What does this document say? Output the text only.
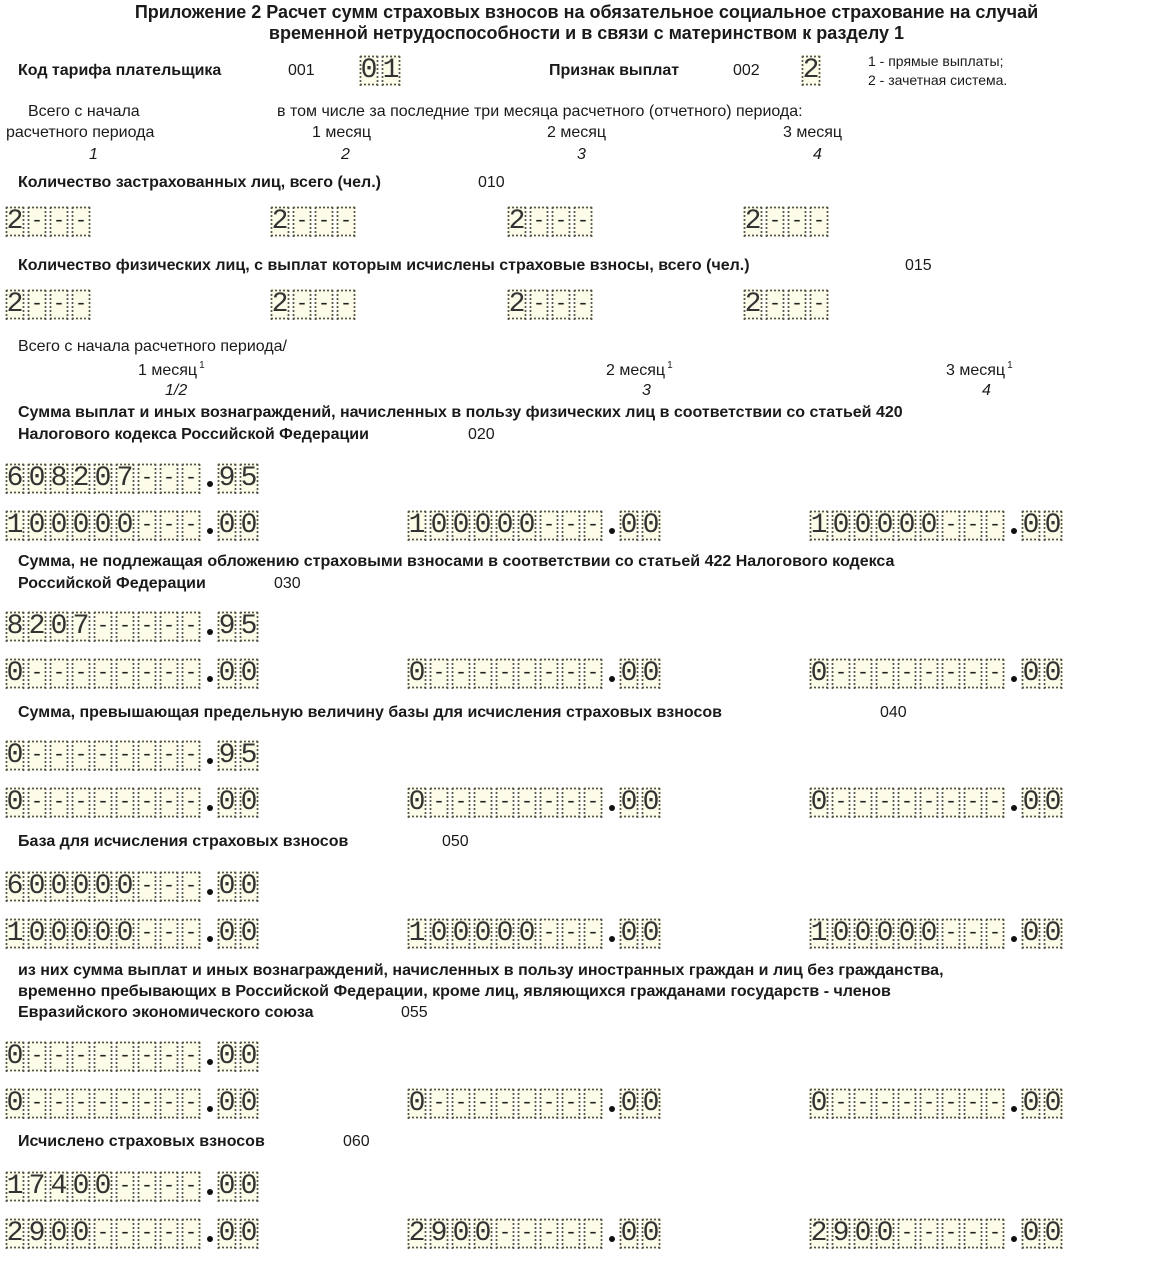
Приложение 2 Расчет сумм страховых взносов на обязательное социальное страхование на случай
временной нетрудоспособности и в связи с материнством к разделу 1
Код тарифа плательщика	001 0 1	Признак выплат	002 2	1 - прямые выплаты;
2 - зачетная система.
Всего с начала
расчетного периода
в том числе за последние три месяца расчетного (отчетного) периода:
1 месяц	2 месяц	3 месяц
1	2	3	4
Количество застрахованных лиц, всего (чел.)	010
2 - - -	2 - - -	2 - - -	2 - - -
Количество физических лиц, с выплат которым исчислены страховые взносы, всего (чел.)	015
2 - - -	2 - - -	2 - - -	2 - - -
Всего с начала расчетного периода/
1 месяц $^1$	2 месяц $^1$	3 месяц $^1$
1/2	3	4
Сумма выплат и иных вознаграждений, начисленных в пользу физических лиц в соответствии со статьей 420
Налогового кодекса Российской Федерации	020
6 0 8 2 0 7 - - - 9 5
1 0 0 0 0 0 - - - 0 0	1 0 0 0 0 0 - - - 0 0	1 0 0 0 0 0 - - - 0 0
Сумма, не подлежащая обложению страховыми взносами в соответствии со статьей 422 Налогового кодекса
Российской Федерации	030
8 2 0 7 - - - - - 9 5
0 - - - - - - - - 0 0	0 - - - - - - - - 0 0	0 - - - - - - - - 0 0
Сумма, превышающая предельную величину базы для исчисления страховых взносов	040
0 - - - - - - - - 9 5
0 - - - - - - - - 0 0	0 - - - - - - - - 0 0	0 - - - - - - - - 0 0
База для исчисления страховых взносов	050
6 0 0 0 0 0 - - - 0 0
1 0 0 0 0 0 - - - 0 0	1 0 0 0 0 0 - - - 0 0	1 0 0 0 0 0 - - - 0 0
из них сумма выплат и иных вознаграждений, начисленных в пользу иностранных граждан и лиц без гражданства,
временно пребывающих в Российской Федерации, кроме лиц, являющихся гражданами государств - членов
Евразийского экономического союза	055
0 - - - - - - - - 0 0
0 - - - - - - - - 0 0	0 - - - - - - - - 0 0	0 - - - - - - - - 0 0
Исчислено страховых взносов	060
1 7 4 0 0 - - - - 0 0
2 9 0 0 - - - - - 0 0	2 9 0 0 - - - - - 0 0	2 9 0 0 - - - - - 0 0
